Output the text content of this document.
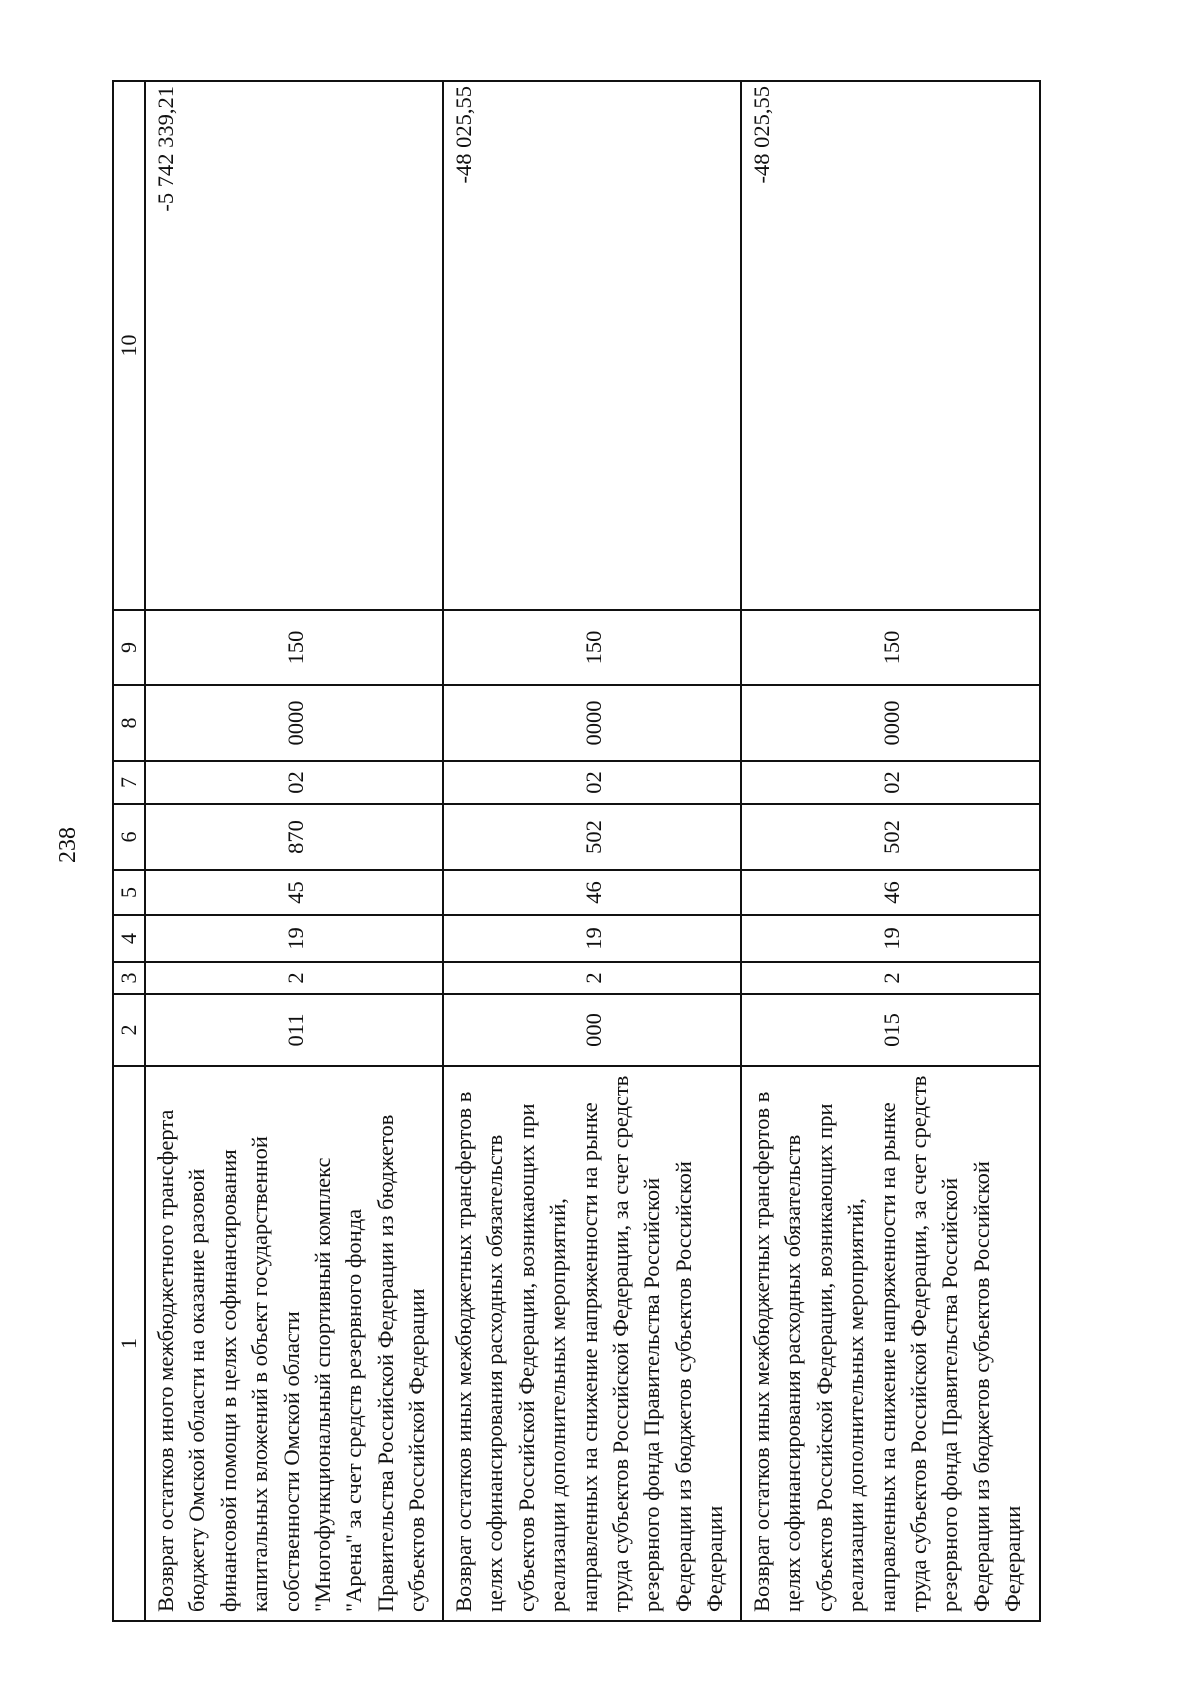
238
1	2	3	4	5	6	7	8	9	10
Возврат остатков иного межбюджетного трансферта бюджету Омской области на оказание разовой финансовой помощи в целях софинансирования капитальных вложений в объект государственной собственности Омской области "Многофункциональный спортивный комплекс "Арена" за счет средств резервного фонда Правительства Российской Федерации из бюджетов субъектов Российской Федерации	011	2	19	45	870	02	0000	150	-5 742 339,21

Возврат остатков иных межбюджетных трансфертов в целях софинансирования расходных обязательств субъектов Российской Федерации, возникающих при реализации дополнительных мероприятий, направленных на снижение напряженности на рынке труда субъектов Российской Федерации, за счет средств резервного фонда Правительства Российской Федерации из бюджетов субъектов Российской Федерации	000	2	19	46	502	02	0000	150	-48 025,55

Возврат остатков иных межбюджетных трансфертов в целях софинансирования расходных обязательств субъектов Российской Федерации, возникающих при реализации дополнительных мероприятий, направленных на снижение напряженности на рынке труда субъектов Российской Федерации, за счет средств резервного фонда Правительства Российской Федерации из бюджетов субъектов Российской Федерации	015	2	19	46	502	02	0000	150	-48 025,55
